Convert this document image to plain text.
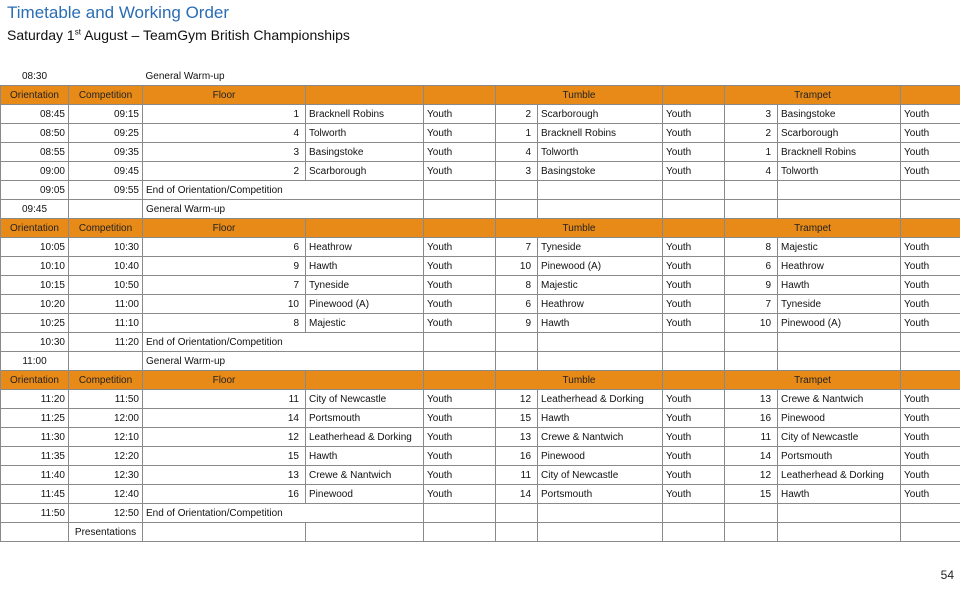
Timetable and Working Order
Saturday 1st August – TeamGym British Championships
08:30		General Warm-up								
Orientation	Competition	Floor			Tumble			Trampet		
08:45	09:15	1	Bracknell Robins	Youth	2	Scarborough	Youth	3	Basingstoke	Youth
08:50	09:25	4	Tolworth	Youth	1	Bracknell Robins	Youth	2	Scarborough	Youth
08:55	09:35	3	Basingstoke	Youth	4	Tolworth	Youth	1	Bracknell Robins	Youth
09:00	09:45	2	Scarborough	Youth	3	Basingstoke	Youth	4	Tolworth	Youth
09:05	09:55	End of Orientation/Competition								
09:45		General Warm-up								
Orientation	Competition	Floor			Tumble			Trampet		
10:05	10:30	6	Heathrow	Youth	7	Tyneside	Youth	8	Majestic	Youth
10:10	10:40	9	Hawth	Youth	10	Pinewood (A)	Youth	6	Heathrow	Youth
10:15	10:50	7	Tyneside	Youth	8	Majestic	Youth	9	Hawth	Youth
10:20	11:00	10	Pinewood (A)	Youth	6	Heathrow	Youth	7	Tyneside	Youth
10:25	11:10	8	Majestic	Youth	9	Hawth	Youth	10	Pinewood (A)	Youth
10:30	11:20	End of Orientation/Competition								
11:00		General Warm-up								
Orientation	Competition	Floor			Tumble			Trampet		
11:20	11:50	11	City of Newcastle	Youth	12	Leatherhead & Dorking	Youth	13	Crewe & Nantwich	Youth
11:25	12:00	14	Portsmouth	Youth	15	Hawth	Youth	16	Pinewood	Youth
11:30	12:10	12	Leatherhead & Dorking	Youth	13	Crewe & Nantwich	Youth	11	City of Newcastle	Youth
11:35	12:20	15	Hawth	Youth	16	Pinewood	Youth	14	Portsmouth	Youth
11:40	12:30	13	Crewe & Nantwich	Youth	11	City of Newcastle	Youth	12	Leatherhead & Dorking	Youth
11:45	12:40	16	Pinewood	Youth	14	Portsmouth	Youth	15	Hawth	Youth
11:50	12:50	End of Orientation/Competition								
	Presentations									
54
